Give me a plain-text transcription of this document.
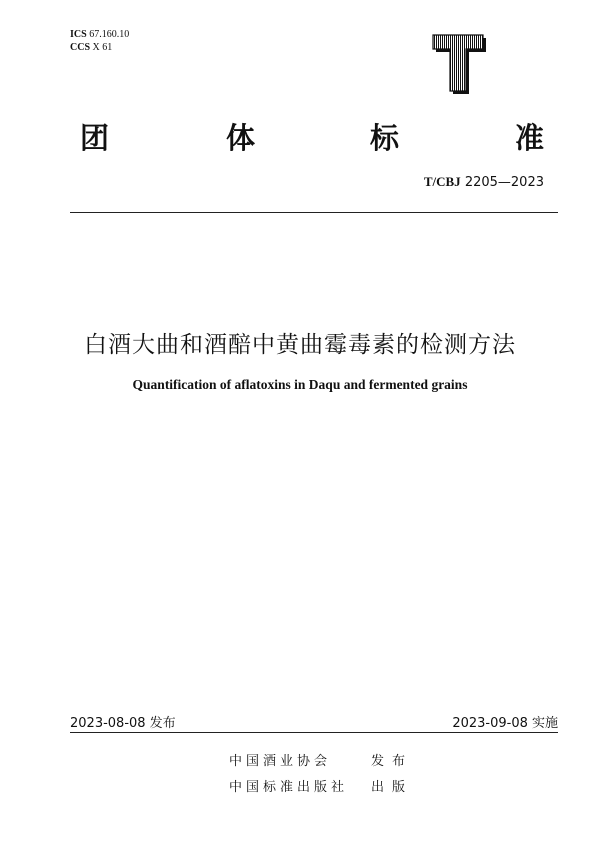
ICS 67.160.10
CCS X 61
团	体	标	准
T/CBJ 2205—2023
白酒大曲和酒醅中黄曲霉毒素的检测方法
Quantification of aflatoxins in Daqu and fermented grains
2023-08-08 发布	2023-09-08 实施
中国酒业协会	发布
中国标准出版社 出版
